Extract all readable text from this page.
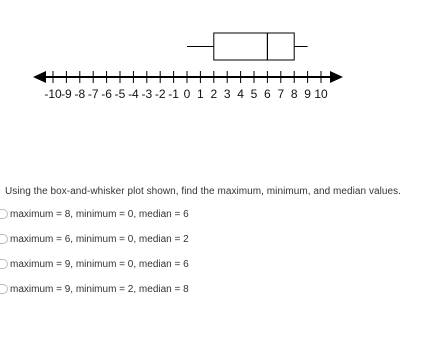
-10 -9 -8 -7 -6 -5 -4 -3 -2 -1 0 1 2 3 4 5 6 7 8 9 10
Using the box-and-whisker plot shown, find the maximum, minimum, and median values.
maximum = 8, minimum = 0, median = 6
maximum = 6, minimum = 0, median = 2
maximum = 9, minimum = 0, median = 6
maximum = 9, minimum = 2, median = 8
